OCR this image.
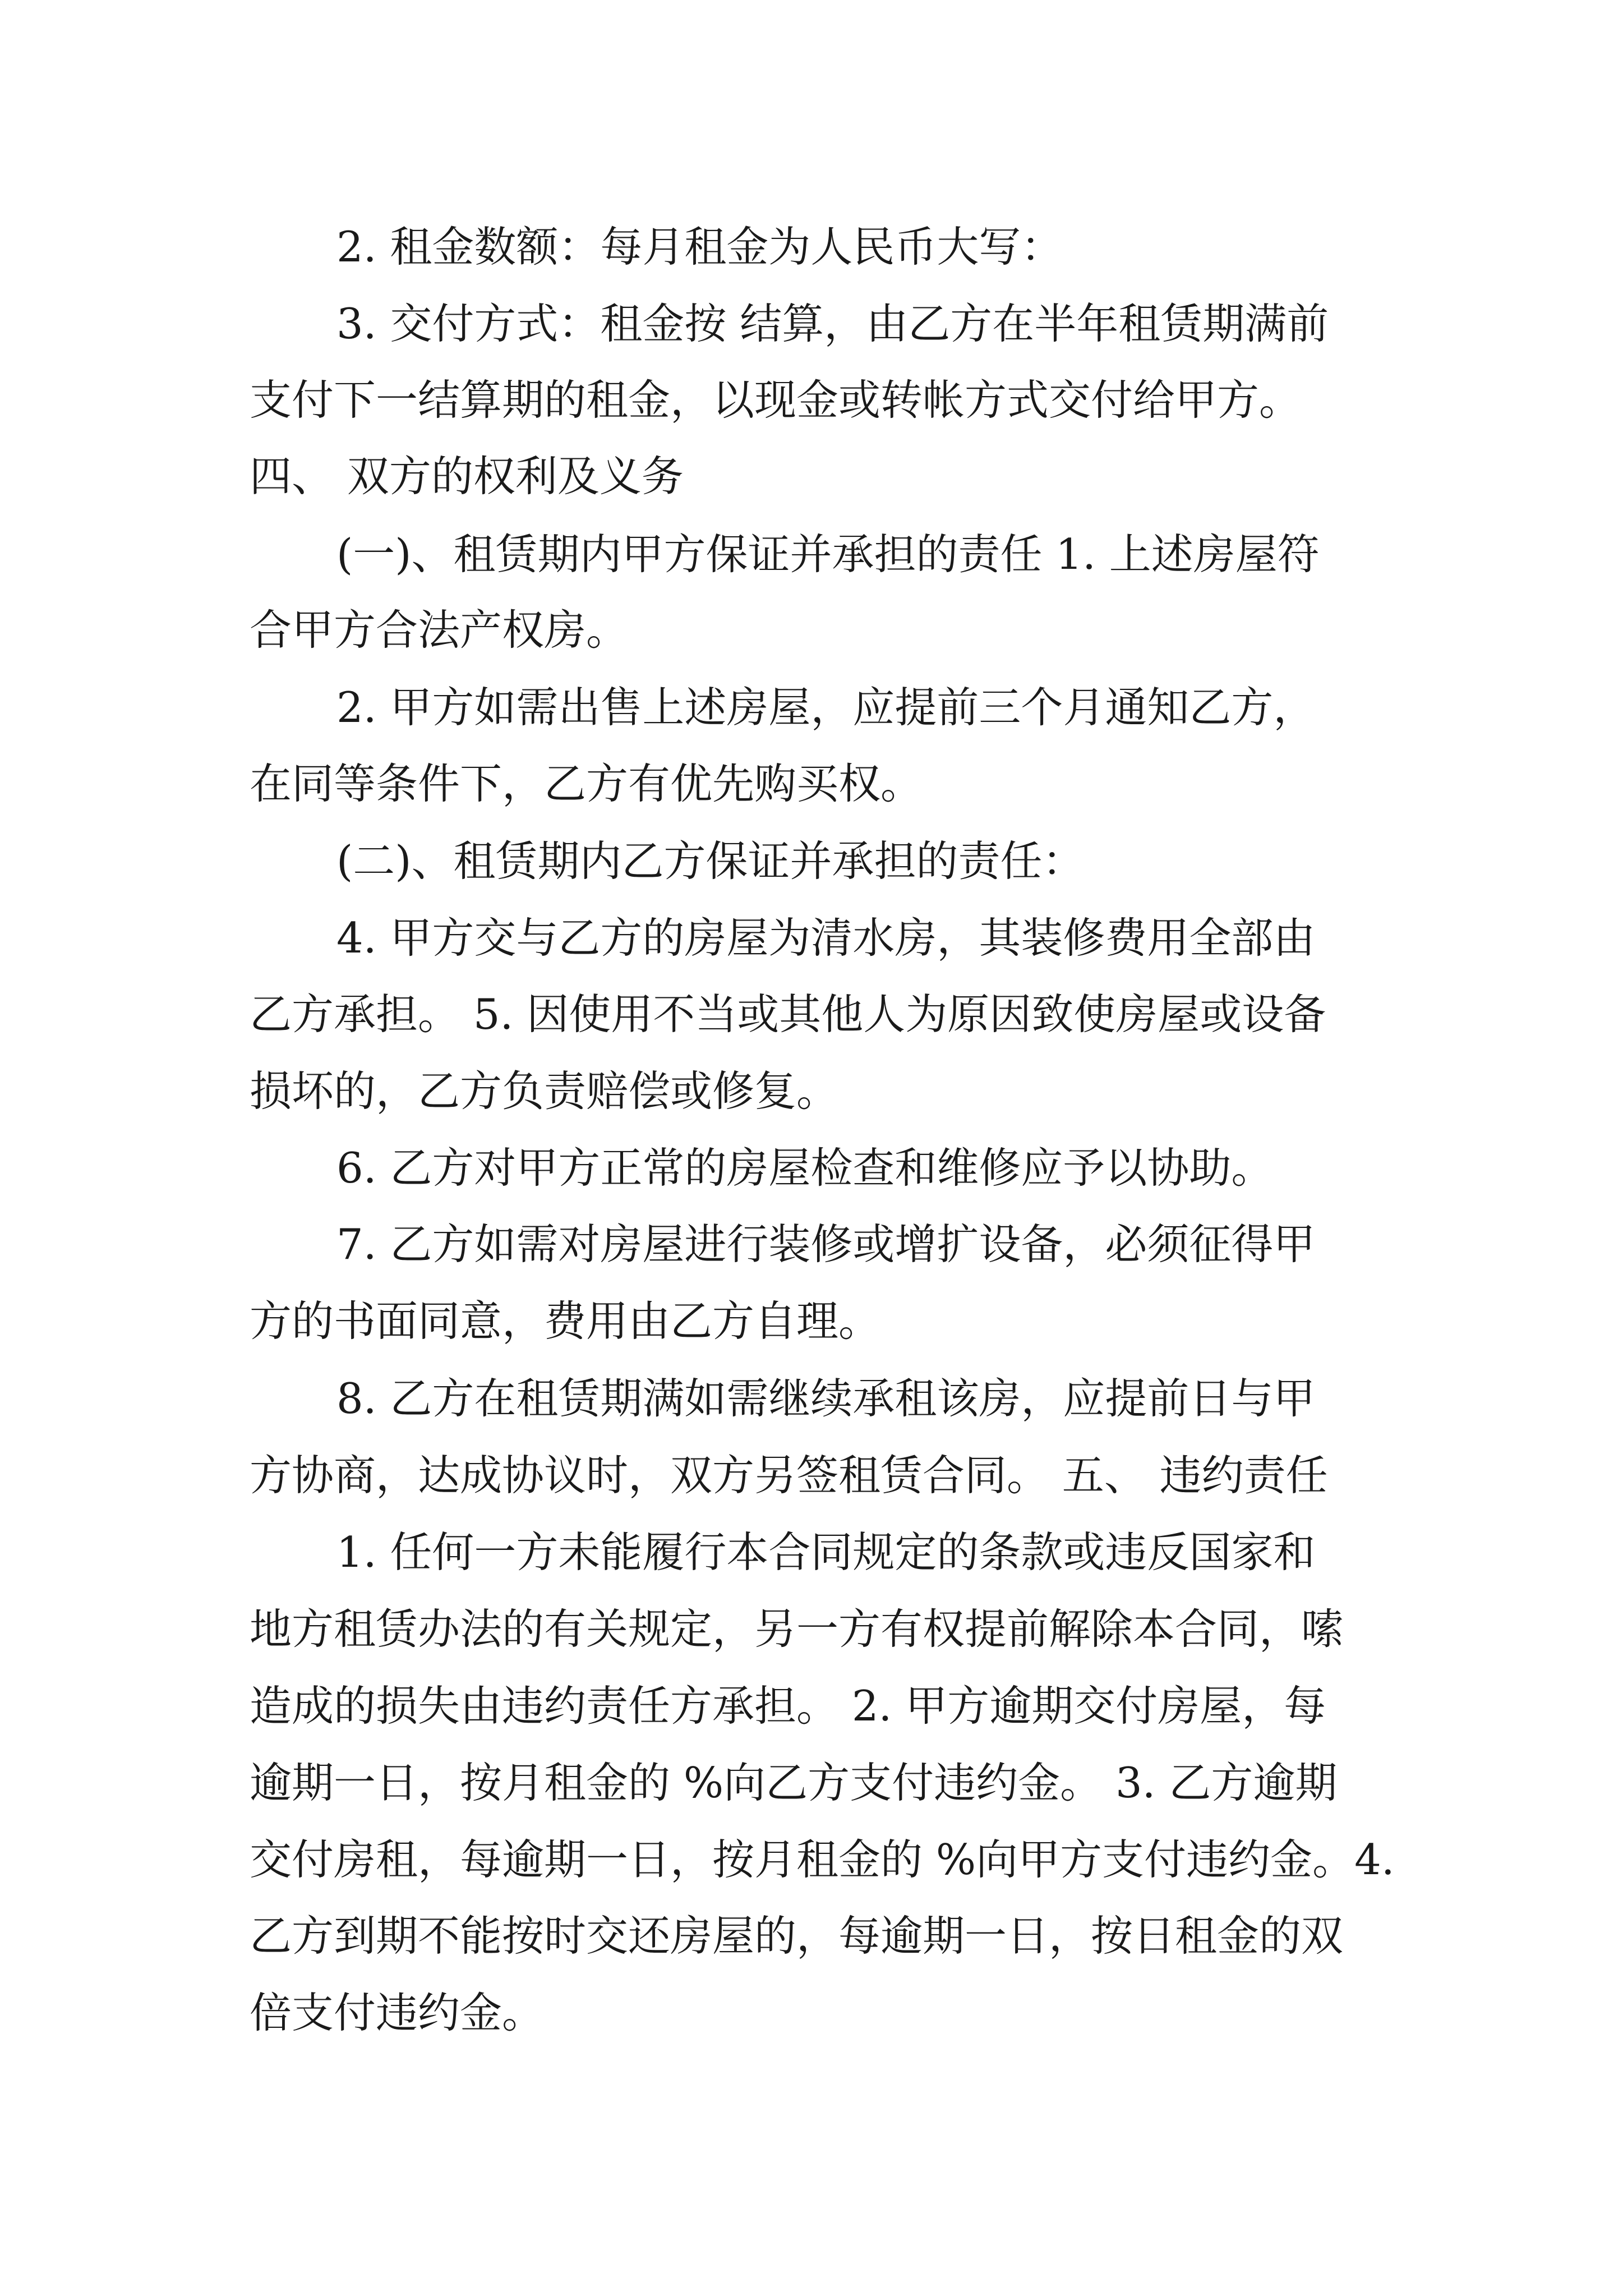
2. 租金数额：每月租金为人民币大写：
3. 交付方式：租金按 结算，由乙方在半年租赁期满前
支付下一结算期的租金，以现金或转帐方式交付给甲方。
四、 双方的权利及义务
(一)、租赁期内甲方保证并承担的责任 1. 上述房屋符
合甲方合法产权房。
2. 甲方如需出售上述房屋，应提前三个月通知乙方，
在同等条件下，乙方有优先购买权。
(二)、租赁期内乙方保证并承担的责任：
4. 甲方交与乙方的房屋为清水房，其装修费用全部由
乙方承担。 5. 因使用不当或其他人为原因致使房屋或设备
损坏的，乙方负责赔偿或修复。
6. 乙方对甲方正常的房屋检查和维修应予以协助。
7. 乙方如需对房屋进行装修或增扩设备，必须征得甲
方的书面同意，费用由乙方自理。
8. 乙方在租赁期满如需继续承租该房，应提前日与甲
方协商，达成协议时，双方另签租赁合同。 五、 违约责任
1. 任何一方未能履行本合同规定的条款或违反国家和
地方租赁办法的有关规定，另一方有权提前解除本合同，嗦
造成的损失由违约责任方承担。 2. 甲方逾期交付房屋，每
逾期一日，按月租金的 %向乙方支付违约金。 3. 乙方逾期
交付房租，每逾期一日，按月租金的 %向甲方支付违约金。4.
乙方到期不能按时交还房屋的，每逾期一日，按日租金的双
倍支付违约金。
